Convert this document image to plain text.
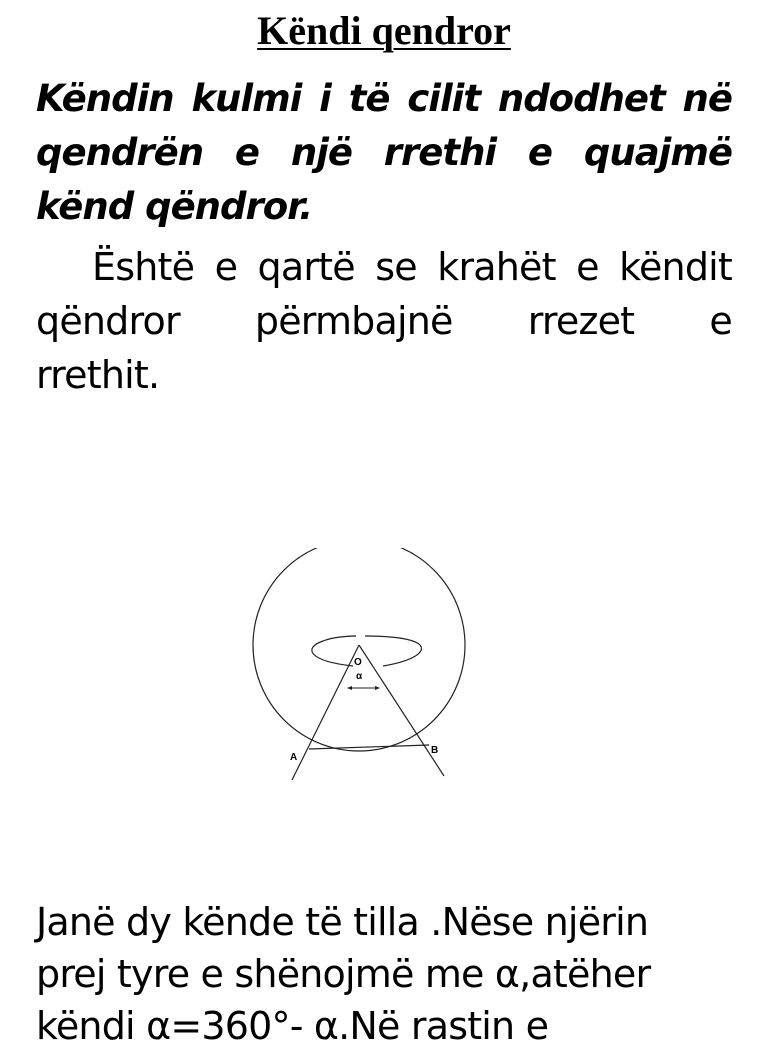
Këndi qendror
Këndin kulmi i të cilit ndodhet në
qendrën e një rrethi e quajmë
kënd qëndror.
Është e qartë se krahët e këndit
qëndror përmbajnë rrezet e
rrethit.
O
α
A
B
Janë dy kënde të tilla .Nëse njërin
prej tyre e shënojmë me α,atëher
këndi α=360°- α.Në rastin e
